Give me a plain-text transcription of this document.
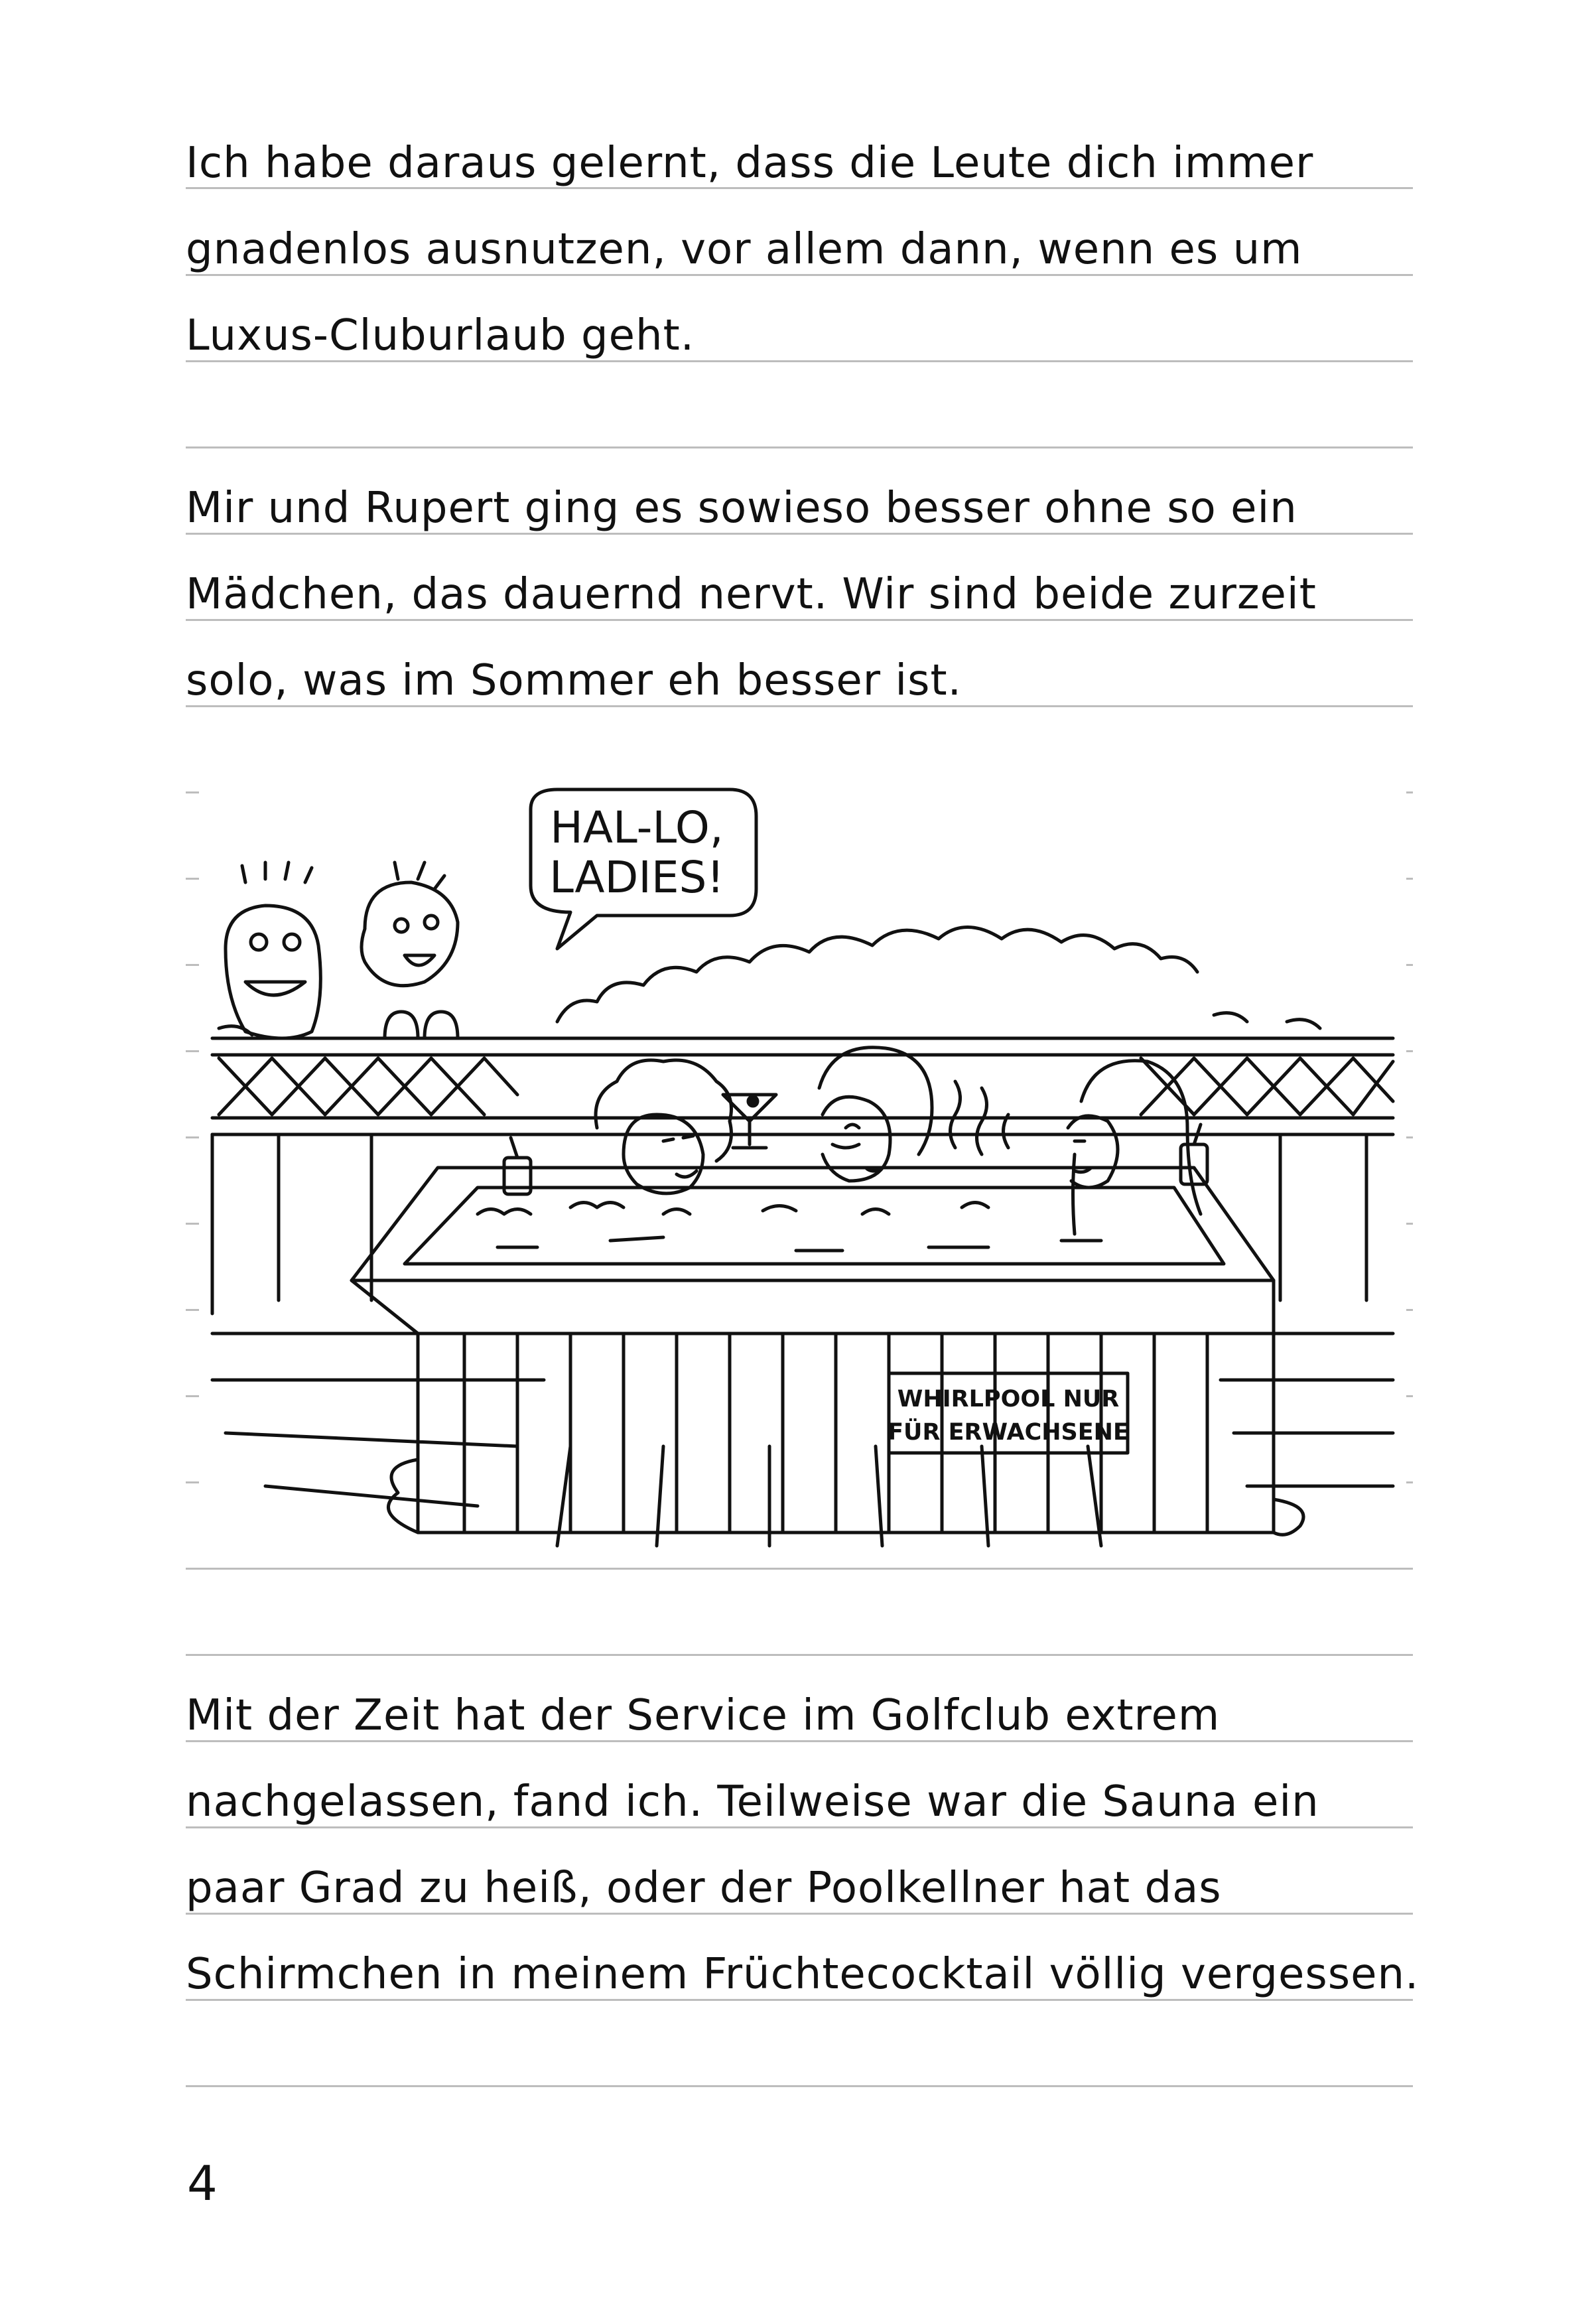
Ich habe daraus gelernt, dass die Leute dich immer
gnadenlos ausnutzen, vor allem dann, wenn es um
Luxus-Cluburlaub geht.
Mir und Rupert ging es sowieso besser ohne so ein
Mädchen, das dauernd nervt. Wir sind beide zurzeit
solo, was im Sommer eh besser ist.
HAL-LO,
LADIES!
WHIRLPOOL NUR
FÜR ERWACHSENE
Mit der Zeit hat der Service im Golfclub extrem
nachgelassen, fand ich. Teilweise war die Sauna ein
paar Grad zu heiß, oder der Poolkellner hat das
Schirmchen in meinem Früchtecocktail völlig vergessen.
4
